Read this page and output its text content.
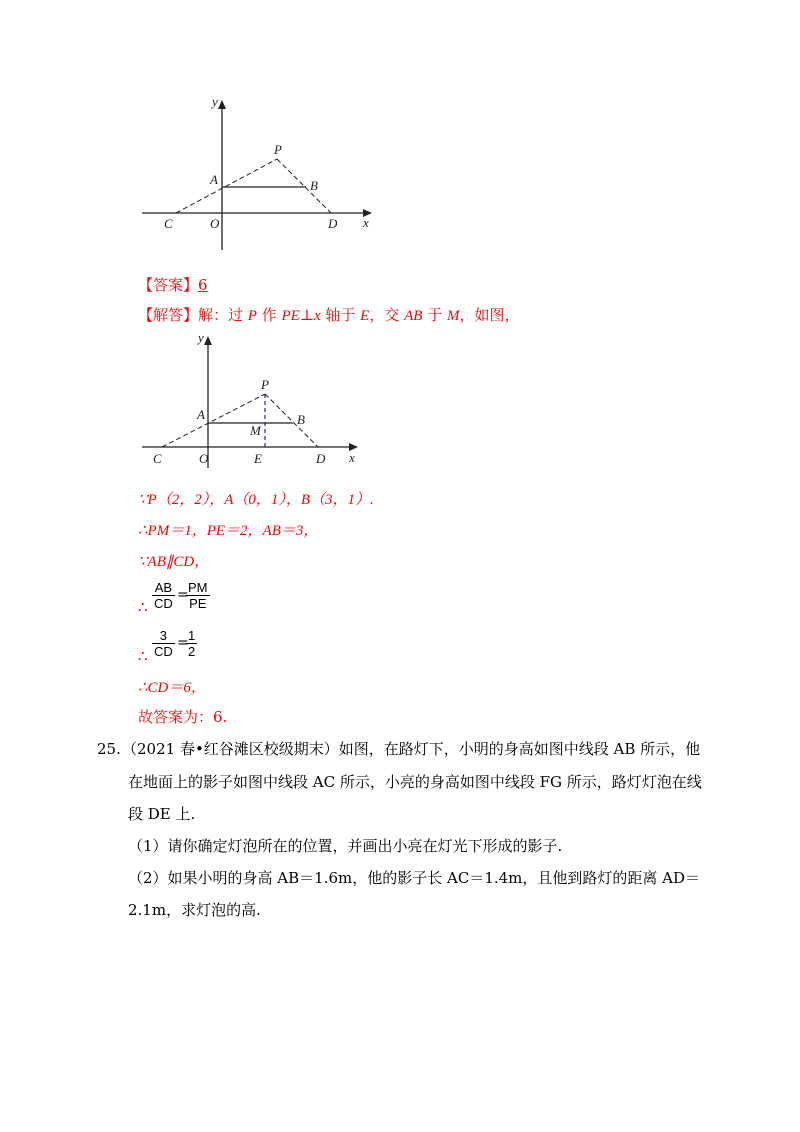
y
P
A	B
C	O	D x
【答案】6
【解答】解：过 P 作 PE⊥x 轴于 E，交 AB 于 M，如图，
y
P
A	B
M
C	O	E	D x
∵P（2，2），A（0，1），B（3，1）.
∴PM＝1，PE＝2，AB＝3，
∵AB∥CD，
∴ $\frac{AB}{CD}$ =
$\frac{PM}{PE}$
∴ $\frac{3}{CD}$ =
$\frac{1}{2}$
∴CD＝6，
故答案为：6.
25. （2021 春•红谷滩区校级期末）如图，在路灯下，小明的身高如图中线段 AB 所示，他
在地面上的影子如图中线段 AC 所示，小亮的身高如图中线段 FG 所示，路灯灯泡在线
段 DE 上.
（1）请你确定灯泡所在的位置，并画出小亮在灯光下形成的影子.
（2）如果小明的身高 AB＝1.6m，他的影子长 AC＝1.4m，且他到路灯的距离 AD＝
2.1m，求灯泡的高.
